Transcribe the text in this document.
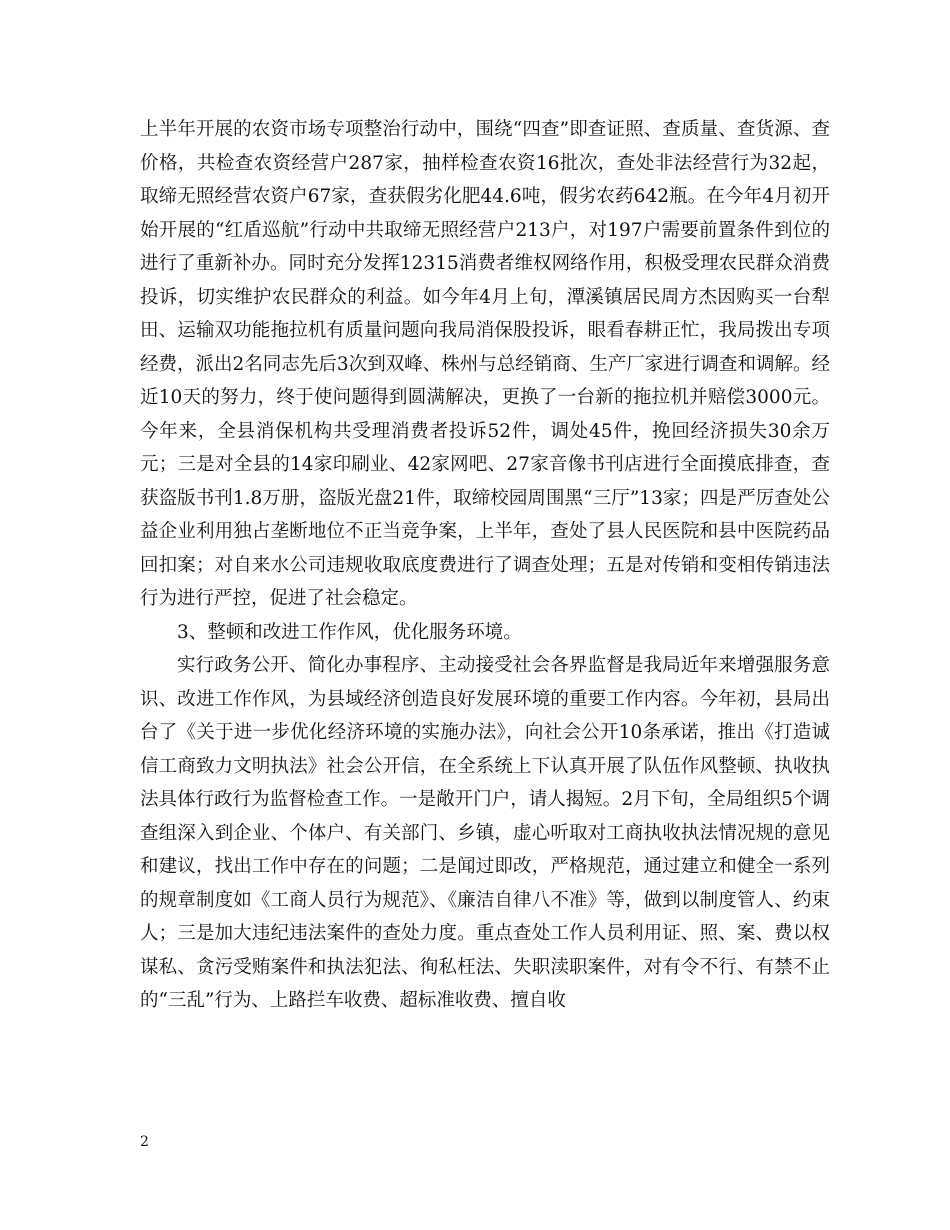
上半年开展的农资市场专项整治行动中，围绕“四查”即查证照、查质量、查货源、查价格，共检查农资经营户287家，抽样检查农资16批次，查处非法经营行为32起，取缔无照经营农资户67家，查获假劣化肥44.6吨，假劣农药642瓶。在今年4月初开始开展的“红盾巡航”行动中共取缔无照经营户213户，对197户需要前置条件到位的进行了重新补办。同时充分发挥12315消费者维权网络作用，积极受理农民群众消费投诉，切实维护农民群众的利益。如今年4月上旬，潭溪镇居民周方杰因购买一台犁田、运输双功能拖拉机有质量问题向我局消保股投诉，眼看春耕正忙，我局拨出专项经费，派出2名同志先后3次到双峰、株州与总经销商、生产厂家进行调查和调解。经近10天的努力，终于使问题得到圆满解决，更换了一台新的拖拉机并赔偿3000元。今年来，全县消保机构共受理消费者投诉52件，调处45件，挽回经济损失30余万元；三是对全县的14家印刷业、42家网吧、27家音像书刊店进行全面摸底排查，查获盗版书刊1.8万册，盗版光盘21件，取缔校园周围黑“三厅”13家；四是严厉查处公益企业利用独占垄断地位不正当竞争案，上半年，查处了县人民医院和县中医院药品回扣案；对自来水公司违规收取底度费进行了调查处理；五是对传销和变相传销违法行为进行严控，促进了社会稳定。

3、整顿和改进工作作风，优化服务环境。

实行政务公开、简化办事程序、主动接受社会各界监督是我局近年来增强服务意识、改进工作作风，为县域经济创造良好发展环境的重要工作内容。今年初，县局出台了《关于进一步优化经济环境的实施办法》，向社会公开10条承诺，推出《打造诚信工商致力文明执法》社会公开信，在全系统上下认真开展了队伍作风整顿、执收执法具体行政行为监督检查工作。一是敞开门户，请人揭短。2月下旬，全局组织5个调查组深入到企业、个体户、有关部门、乡镇，虚心听取对工商执收执法情况规的意见和建议，找出工作中存在的问题；二是闻过即改，严格规范，通过建立和健全一系列的规章制度如《工商人员行为规范》、《廉洁自律八不准》等，做到以制度管人、约束人；三是加大违纪违法案件的查处力度。重点查处工作人员利用证、照、案、费以权谋私、贪污受贿案件和执法犯法、徇私枉法、失职渎职案件，对有令不行、有禁不止的“三乱”行为、上路拦车收费、超标准收费、擅自收

2
